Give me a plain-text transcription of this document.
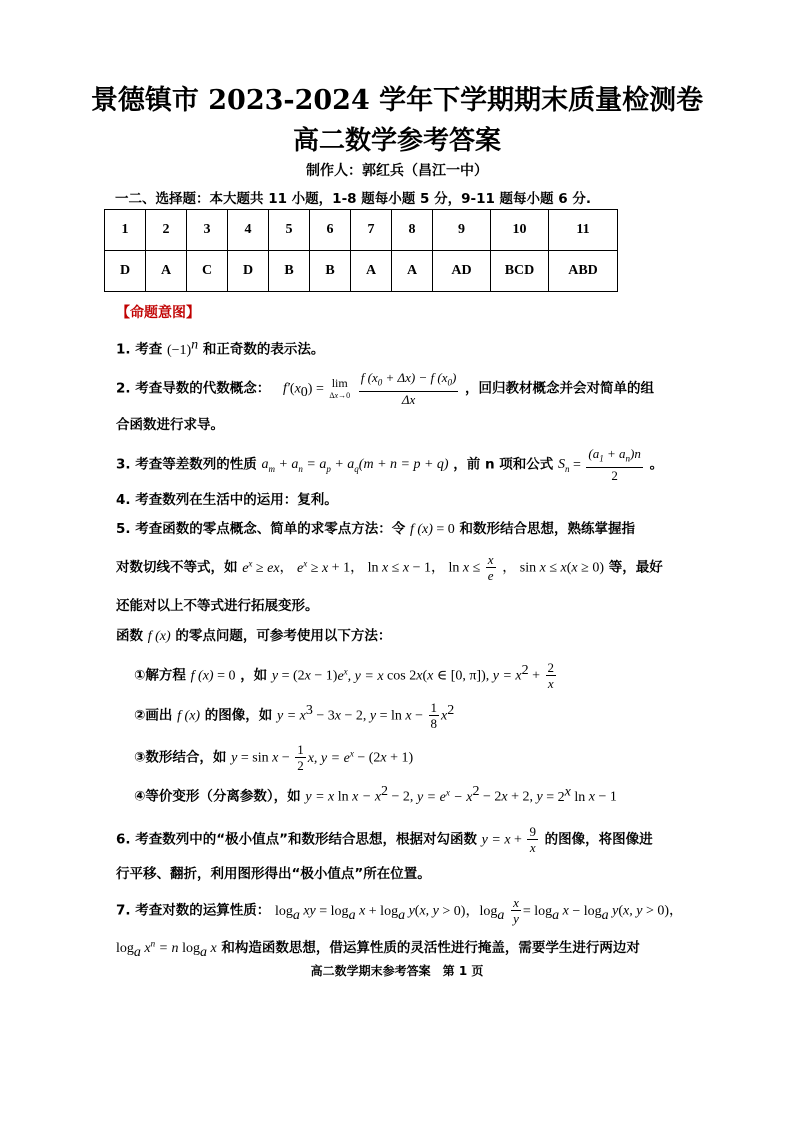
景德镇市 2023-2024 学年下学期期末质量检测卷
高二数学参考答案
制作人：郭红兵（昌江一中）
一二、选择题：本大题共 11 小题，1-8 题每小题 5 分，9-11 题每小题 6 分.
1	2	3	4	5	6	7	8	9	10	11
D	A	C	D	B	B	A	A	AD	BCD	ABD
【命题意图】
1. 考查 $(-1)^n$ 和正奇数的表示法。
2. 考查导数的代数概念： $f'(x_0) = \lim$
Δx→0
$\frac{f (x_0 + \Delta x) - f (x_0)}{\Delta x}$ ，回归教材概念并会对简单的组
合函数进行求导。
3. 考查等差数列的性质 $a_m + a_n = a_p + a_q(m + n = p + q)$ ，前 n 项和公式 $S_n = \frac{(a_1 + a_n)n}{2}$ 。
4. 考查数列在生活中的运用：复利。
5. 考查函数的零点概念、简单的求零点方法：令 f (x) = 0 和数形结合思想，熟练掌握指
对数切线不等式，如 $e^x$ ≥ ex， $e^x \ge x + 1$， ln x ≤ x − 1， $\ln x \le \frac{x}{e}$ ， sin x ≤ x(x ≥ 0) 等，最好
还能对以上不等式进行拓展变形。
函数 f (x) 的零点问题，可参考使用以下方法：
①解方程 f (x) = 0 ，如 $y = (2x - 1)e^x$, y = x cos 2x(x ∈ [0, π]), $y = x^2 + \frac{2}{x}$
②画出 f (x) 的图像，如 $y = x^3 - 3x - 2$, $y = \ln x - \frac{1}{8} x^2$
③数形结合，如 $y = \sin x - \frac{1}{2} x$, $y = e^x - (2x + 1)$
④等价变形（分离参数），如 y = x $\ln x - x^2 - 2$, $y = e^x - x^2 - 2x + 2$, $y = 2^x$ ln x − 1
6. 考查数列中的“极小值点”和数形结合思想，根据对勾函数 $y = x + \frac{9}{x}$ 的图像，将图像进
行平移、翻折，利用图形得出“极小值点”所在位置。
7. 考查对数的运算性质： $\log_a$ xy = $\log_a x + \log_a y(x$, y > 0)，$\log_a \frac{x}{y} = \log_a x - \log_a y(x$, y > 0)，
$\log_a x^n = n$ $\log_a x$ 和构造函数思想，借运算性质的灵活性进行掩盖，需要学生进行两边对
高二数学期末参考答案　第 1 页
